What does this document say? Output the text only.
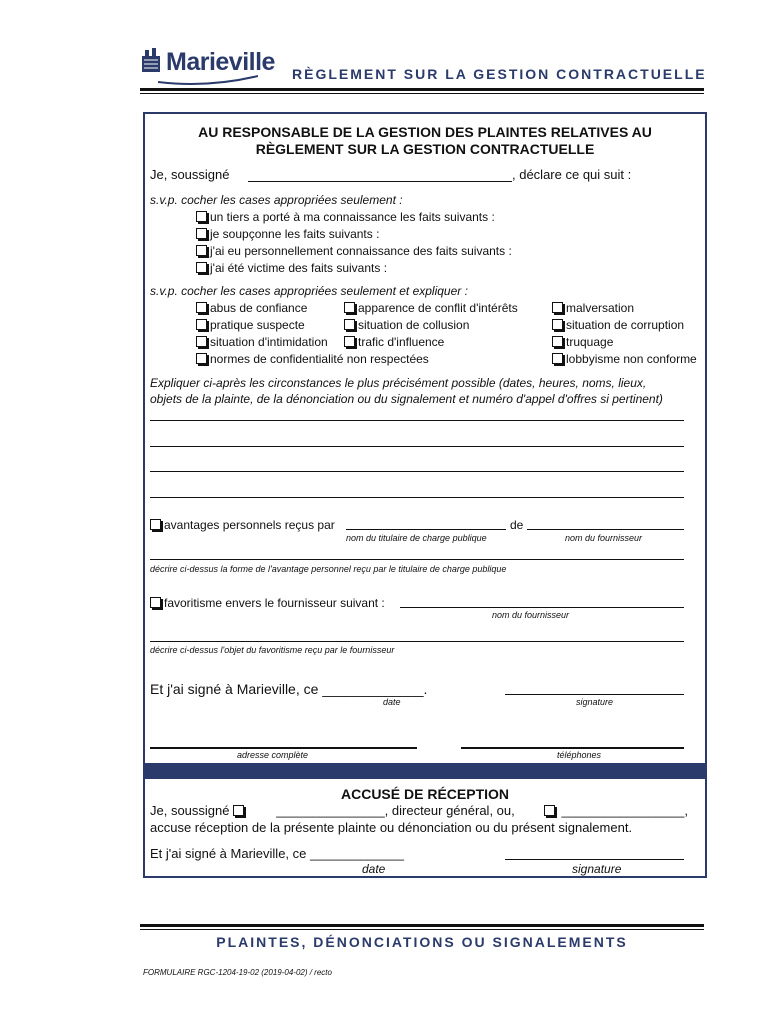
Marieville RÈGLEMENT SUR LA GESTION CONTRACTUELLE
AU RESPONSABLE DE LA GESTION DES PLAINTES RELATIVES AU
RÈGLEMENT SUR LA GESTION CONTRACTUELLE
Je, soussigné	, déclare ce qui suit :
s.v.p. cocher les cases appropriées seulement :
un tiers a porté à ma connaissance les faits suivants :
je soupçonne les faits suivants :
j'ai eu personnellement connaissance des faits suivants :
j'ai été victime des faits suivants :
s.v.p. cocher les cases appropriées seulement et expliquer :
abus de confiance	apparence de conflit d'intérêts	malversation
pratique suspecte	situation de collusion	situation de corruption
situation d'intimidation	trafic d'influence	truquage
normes de confidentialité non respectées	lobbyisme non conforme
Expliquer ci-après les circonstances le plus précisément possible (dates, heures, noms, lieux,
objets de la plainte, de la dénonciation ou du signalement et numéro d'appel d'offres si pertinent)
avantages personnels reçus par	de
nom du titulaire de charge publique	nom du fournisseur
décrire ci-dessus la forme de l'avantage personnel reçu par le titulaire de charge publique
favoritisme envers le fournisseur suivant :
nom du fournisseur
décrire ci-dessus l'objet du favoritisme reçu par le fournisseur
Et j'ai signé à Marieville, ce _____________.
date	signature
adresse complète	téléphones
ACCUSÉ DE RÉCEPTION
Je, soussigné	_______________, directeur général, ou,	_________________,
accuse réception de la présente plainte ou dénonciation ou du présent signalement.
Et j'ai signé à Marieville, ce _____________
date	signature
PLAINTES, DÉNONCIATIONS OU SIGNALEMENTS
FORMULAIRE RGC-1204-19-02 (2019-04-02) / recto
